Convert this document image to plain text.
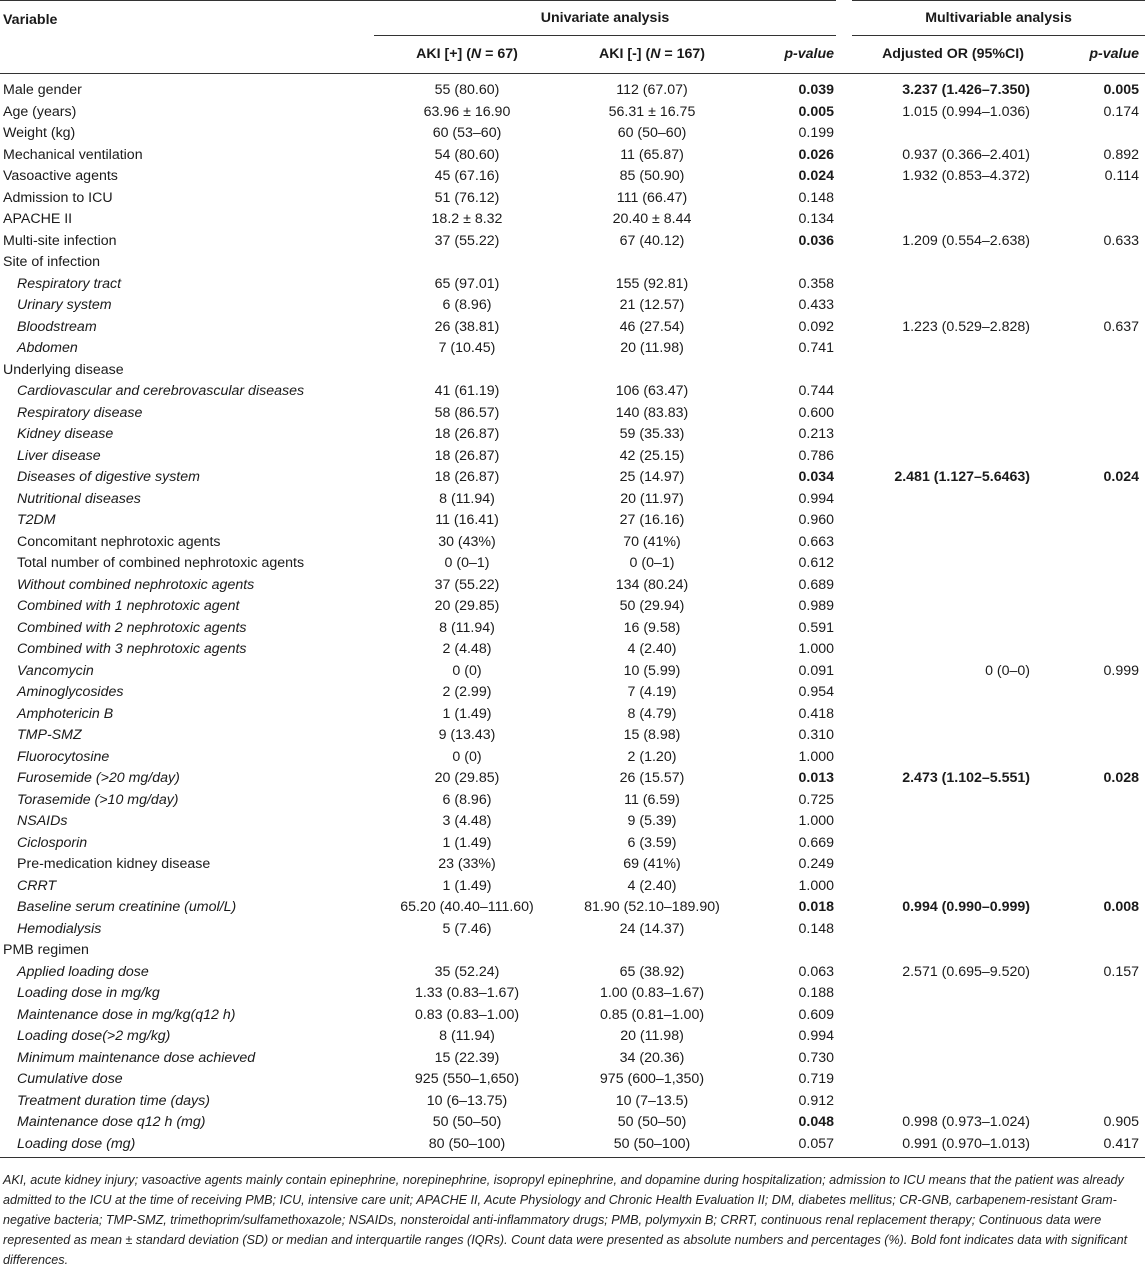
Variable	Univariate analysis			Multivariable analysis	
	AKI [+] (N = 67)	AKI [-] (N = 167)	p-value	Adjusted OR (95%CI)	p-value

Male gender	55 (80.60)	112 (67.07)	0.039	3.237 (1.426–7.350)	0.005
Age (years)	63.96 ± 16.90	56.31 ± 16.75	0.005	1.015 (0.994–1.036)	0.174
Weight (kg)	60 (53–60)	60 (50–60)	0.199		
Mechanical ventilation	54 (80.60)	11 (65.87)	0.026	0.937 (0.366–2.401)	0.892
Vasoactive agents	45 (67.16)	85 (50.90)	0.024	1.932 (0.853–4.372)	0.114
Admission to ICU	51 (76.12)	111 (66.47)	0.148		
APACHE II	18.2 ± 8.32	20.40 ± 8.44	0.134		
Multi-site infection	37 (55.22)	67 (40.12)	0.036	1.209 (0.554–2.638)	0.633
Site of infection					
Respiratory tract	65 (97.01)	155 (92.81)	0.358		
Urinary system	6 (8.96)	21 (12.57)	0.433		
Bloodstream	26 (38.81)	46 (27.54)	0.092	1.223 (0.529–2.828)	0.637
Abdomen	7 (10.45)	20 (11.98)	0.741		
Underlying disease					
Cardiovascular and cerebrovascular diseases	41 (61.19)	106 (63.47)	0.744		
Respiratory disease	58 (86.57)	140 (83.83)	0.600		
Kidney disease	18 (26.87)	59 (35.33)	0.213		
Liver disease	18 (26.87)	42 (25.15)	0.786		
Diseases of digestive system	18 (26.87)	25 (14.97)	0.034	2.481 (1.127–5.6463)	0.024
Nutritional diseases	8 (11.94)	20 (11.97)	0.994		
T2DM	11 (16.41)	27 (16.16)	0.960		
Concomitant nephrotoxic agents	30 (43%)	70 (41%)	0.663		
Total number of combined nephrotoxic agents	0 (0–1)	0 (0–1)	0.612		
Without combined nephrotoxic agents	37 (55.22)	134 (80.24)	0.689		
Combined with 1 nephrotoxic agent	20 (29.85)	50 (29.94)	0.989		
Combined with 2 nephrotoxic agents	8 (11.94)	16 (9.58)	0.591		
Combined with 3 nephrotoxic agents	2 (4.48)	4 (2.40)	1.000		
Vancomycin	0 (0)	10 (5.99)	0.091	0 (0–0)	0.999
Aminoglycosides	2 (2.99)	7 (4.19)	0.954		
Amphotericin B	1 (1.49)	8 (4.79)	0.418		
TMP-SMZ	9 (13.43)	15 (8.98)	0.310		
Fluorocytosine	0 (0)	2 (1.20)	1.000		
Furosemide (>20 mg/day)	20 (29.85)	26 (15.57)	0.013	2.473 (1.102–5.551)	0.028
Torasemide (>10 mg/day)	6 (8.96)	11 (6.59)	0.725		
NSAIDs	3 (4.48)	9 (5.39)	1.000		
Ciclosporin	1 (1.49)	6 (3.59)	0.669		
Pre-medication kidney disease	23 (33%)	69 (41%)	0.249		
CRRT	1 (1.49)	4 (2.40)	1.000		
Baseline serum creatinine (umol/L)	65.20 (40.40–111.60)	81.90 (52.10–189.90)	0.018	0.994 (0.990–0.999)	0.008
Hemodialysis	5 (7.46)	24 (14.37)	0.148		
PMB regimen					
Applied loading dose	35 (52.24)	65 (38.92)	0.063	2.571 (0.695–9.520)	0.157
Loading dose in mg/kg	1.33 (0.83–1.67)	1.00 (0.83–1.67)	0.188		
Maintenance dose in mg/kg(q12 h)	0.83 (0.83–1.00)	0.85 (0.81–1.00)	0.609		
Loading dose(>2 mg/kg)	8 (11.94)	20 (11.98)	0.994		
Minimum maintenance dose achieved	15 (22.39)	34 (20.36)	0.730		
Cumulative dose	925 (550–1,650)	975 (600–1,350)	0.719		
Treatment duration time (days)	10 (6–13.75)	10 (7–13.5)	0.912		
Maintenance dose q12 h (mg)	50 (50–50)	50 (50–50)	0.048	0.998 (0.973–1.024)	0.905
Loading dose (mg)	80 (50–100)	50 (50–100)	0.057	0.991 (0.970–1.013)	0.417
AKI, acute kidney injury; vasoactive agents mainly contain epinephrine, norepinephrine, isopropyl epinephrine, and dopamine during hospitalization; admission to ICU means that the patient was already admitted to the ICU at the time of receiving PMB; ICU, intensive care unit; APACHE II, Acute Physiology and Chronic Health Evaluation II; DM, diabetes mellitus; CR-GNB, carbapenem-resistant Gram-negative bacteria; TMP-SMZ, trimethoprim/sulfamethoxazole; NSAIDs, nonsteroidal anti-inflammatory drugs; PMB, polymyxin B; CRRT, continuous renal replacement therapy; Continuous data were represented as mean ± standard deviation (SD) or median and interquartile ranges (IQRs). Count data were presented as absolute numbers and percentages (%). Bold font indicates data with significant differences.
